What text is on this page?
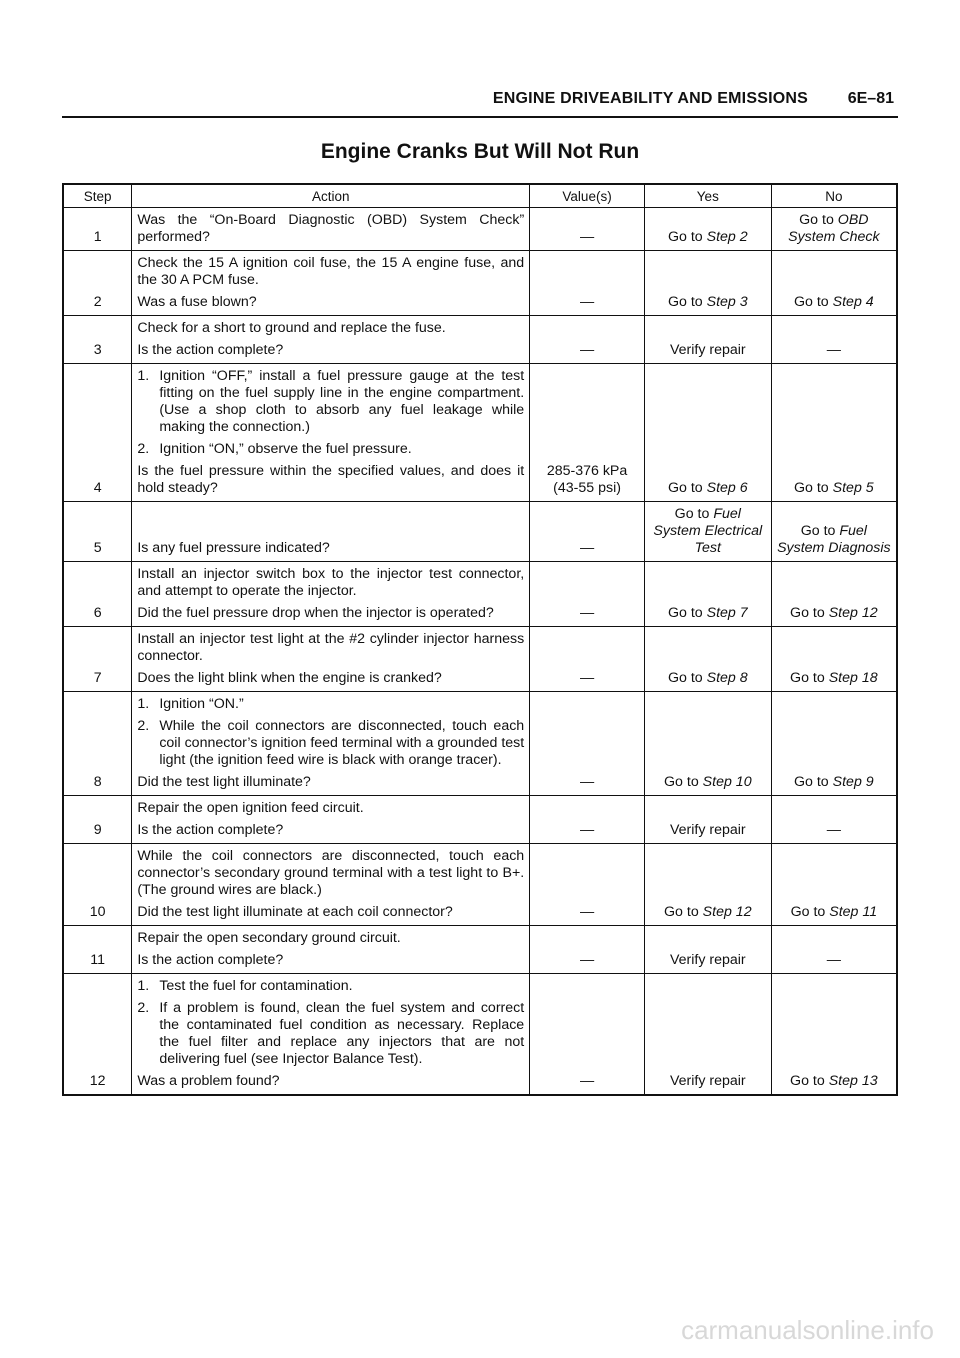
ENGINE DRIVEABILITY AND EMISSIONS 6E–81
Engine Cranks But Will Not Run
Step	Action	Value(s)	Yes	No
1	Was the “On-Board Diagnostic (OBD) System Check” performed?	—	Go to Step 2	Go to OBD System Check
2	Check the 15 A ignition coil fuse, the 15 A engine fuse, and the 30 A PCM fuse.
Was a fuse blown?	—	Go to Step 3	Go to Step 4
3	Check for a short to ground and replace the fuse.
Is the action complete?	—	Verify repair	—
4	1. Ignition “OFF,” install a fuel pressure gauge at the test fitting on the fuel supply line in the engine compartment. (Use a shop cloth to absorb any fuel leakage while making the connection.)
2. Ignition “ON,” observe the fuel pressure.
Is the fuel pressure within the specified values, and does it hold steady?	285-376 kPa (43-55 psi)	Go to Step 6	Go to Step 5
5	Is any fuel pressure indicated?	—	Go to Fuel System Electrical Test	Go to Fuel System Diagnosis
6	Install an injector switch box to the injector test connector, and attempt to operate the injector.
Did the fuel pressure drop when the injector is operated?	—	Go to Step 7	Go to Step 12
7	Install an injector test light at the #2 cylinder injector harness connector.
Does the light blink when the engine is cranked?	—	Go to Step 8	Go to Step 18
8	1. Ignition “ON.”
2. While the coil connectors are disconnected, touch each coil connector’s ignition feed terminal with a grounded test light (the ignition feed wire is black with orange tracer).
Did the test light illuminate?	—	Go to Step 10	Go to Step 9
9	Repair the open ignition feed circuit.
Is the action complete?	—	Verify repair	—
10	While the coil connectors are disconnected, touch each connector’s secondary ground terminal with a test light to B+. (The ground wires are black.)
Did the test light illuminate at each coil connector?	—	Go to Step 12	Go to Step 11
11	Repair the open secondary ground circuit.
Is the action complete?	—	Verify repair	—
12	1. Test the fuel for contamination.
2. If a problem is found, clean the fuel system and correct the contaminated fuel condition as necessary. Replace the fuel filter and replace any injectors that are not delivering fuel (see Injector Balance Test).
Was a problem found?	—	Verify repair	Go to Step 13
carmanualsonline.info
